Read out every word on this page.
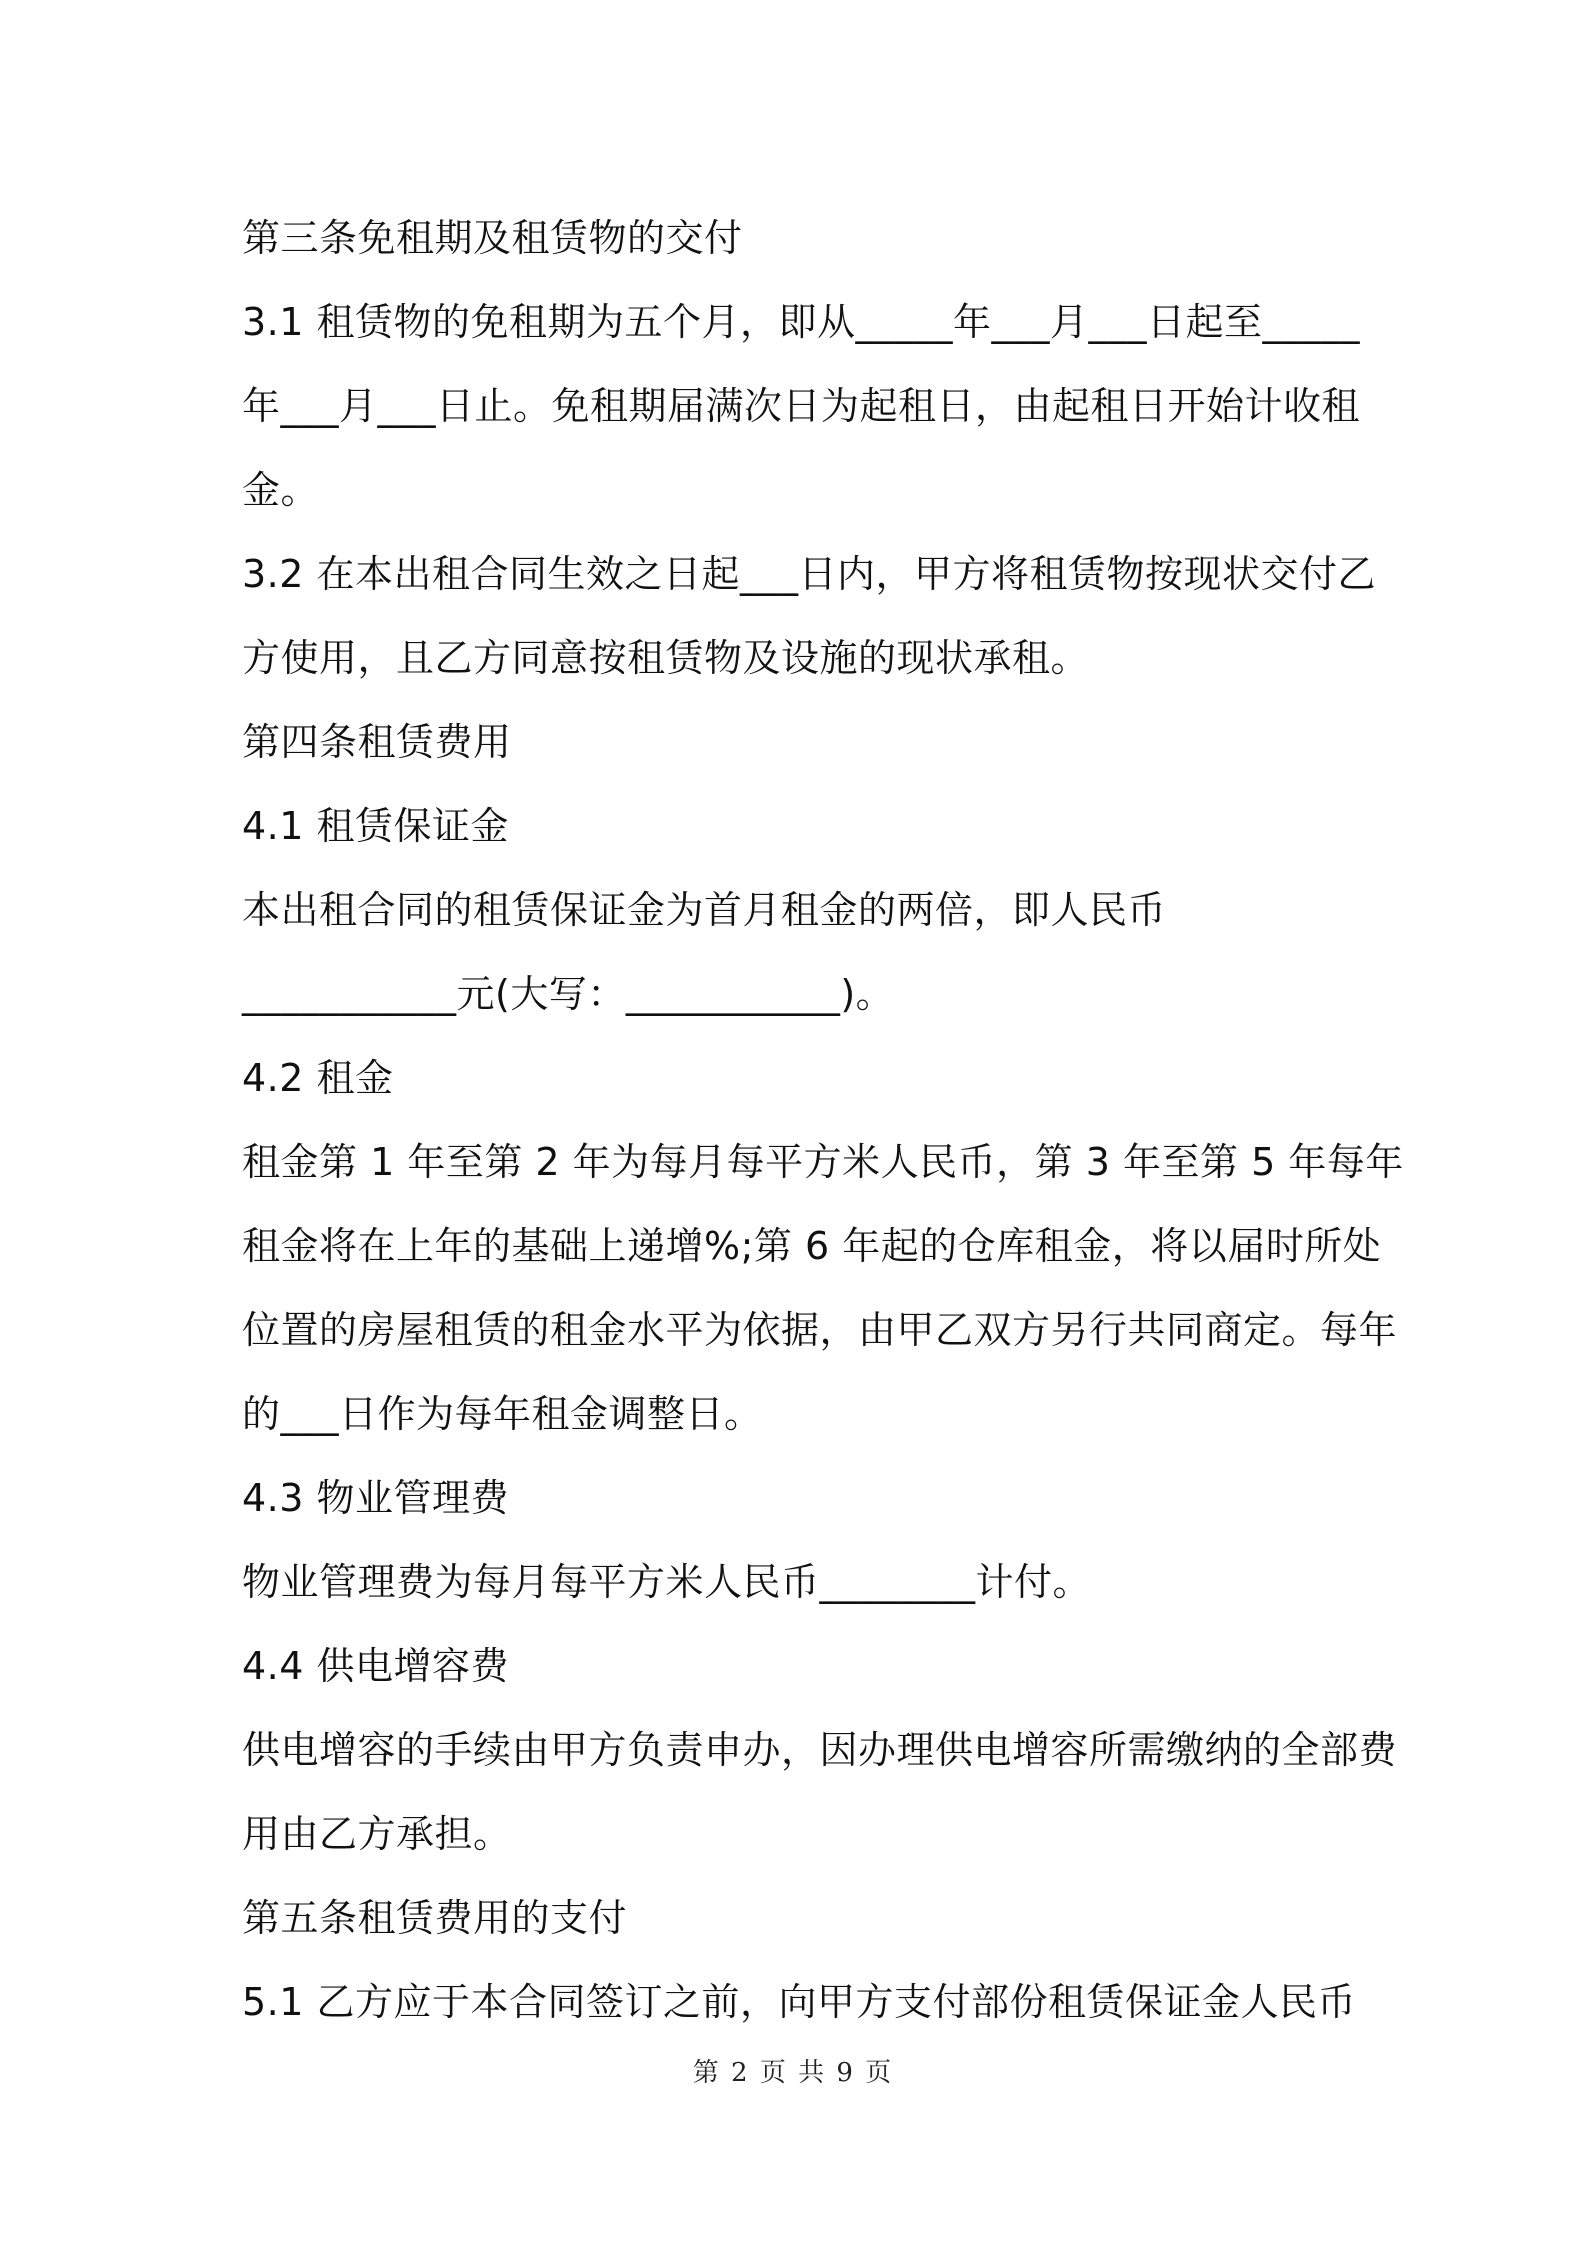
第三条免租期及租赁物的交付
3.1 租赁物的免租期为五个月，即从_____年___月___日起至_____
年___月___日止。免租期届满次日为起租日，由起租日开始计收租
金。
3.2 在本出租合同生效之日起___日内，甲方将租赁物按现状交付乙
方使用，且乙方同意按租赁物及设施的现状承租。
第四条租赁费用
4.1 租赁保证金
本出租合同的租赁保证金为首月租金的两倍，即人民币
___________元(大写：___________)。
4.2 租金
租金第 1 年至第 2 年为每月每平方米人民币，第 3 年至第 5 年每年
租金将在上年的基础上递增%;第 6 年起的仓库租金，将以届时所处
位置的房屋租赁的租金水平为依据，由甲乙双方另行共同商定。每年
的___日作为每年租金调整日。
4.3 物业管理费
物业管理费为每月每平方米人民币________计付。
4.4 供电增容费
供电增容的手续由甲方负责申办，因办理供电增容所需缴纳的全部费
用由乙方承担。
第五条租赁费用的支付
5.1 乙方应于本合同签订之前，向甲方支付部份租赁保证金人民币
第 2 页 共 9 页
